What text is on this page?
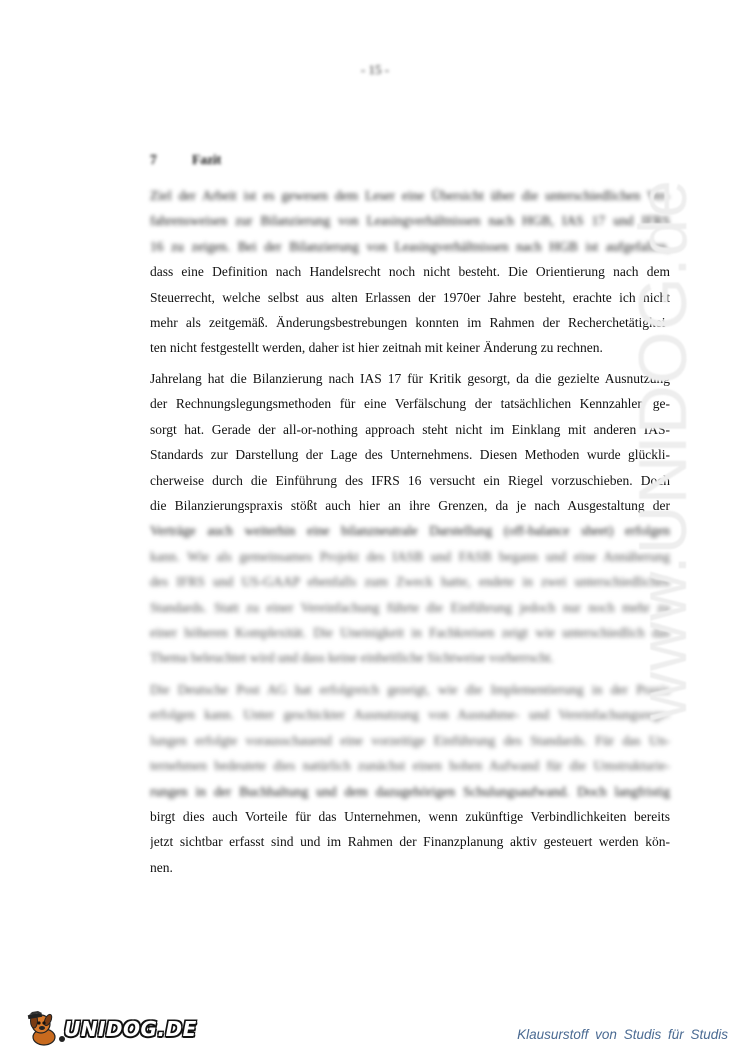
- 15 -
7	Fazit
Ziel der Arbeit ist es gewesen dem Leser eine Übersicht über die unterschiedlichen Ver-
fahrensweisen zur Bilanzierung von Leasingverhältnissen nach HGB, IAS 17 und IFRS
16 zu zeigen. Bei der Bilanzierung von Leasingverhältnissen nach HGB ist aufgefallen,
dass eine Definition nach Handelsrecht noch nicht besteht. Die Orientierung nach dem
Steuerrecht, welche selbst aus alten Erlassen der 1970er Jahre besteht, erachte ich nicht
mehr als zeitgemäß. Änderungsbestrebungen konnten im Rahmen der Recherchetätigkei-
ten nicht festgestellt werden, daher ist hier zeitnah mit keiner Änderung zu rechnen.
Jahrelang hat die Bilanzierung nach IAS 17 für Kritik gesorgt, da die gezielte Ausnutzung
der Rechnungslegungsmethoden für eine Verfälschung der tatsächlichen Kennzahlen ge-
sorgt hat. Gerade der all-or-nothing approach steht nicht im Einklang mit anderen IAS-
Standards zur Darstellung der Lage des Unternehmens. Diesen Methoden wurde glückli-
cherweise durch die Einführung des IFRS 16 versucht ein Riegel vorzuschieben. Doch
die Bilanzierungspraxis stößt auch hier an ihre Grenzen, da je nach Ausgestaltung der
Verträge auch weiterhin eine bilanzneutrale Darstellung (off-balance sheet) erfolgen
kann. Wie als gemeinsames Projekt des IASB und FASB begann und eine Annäherung
des IFRS und US-GAAP ebenfalls zum Zweck hatte, endete in zwei unterschiedlichen
Standards. Statt zu einer Vereinfachung führte die Einführung jedoch nur noch mehr zu
einer höheren Komplexität. Die Uneinigkeit in Fachkreisen zeigt wie unterschiedlich das
Thema beleuchtet wird und dass keine einheitliche Sichtweise vorherrscht.
Die Deutsche Post AG hat erfolgreich gezeigt, wie die Implementierung in der Praxis
erfolgen kann. Unter geschickter Ausnutzung von Ausnahme- und Vereinfachungsrege-
lungen erfolgte vorausschauend eine vorzeitige Einführung des Standards. Für das Un-
ternehmen bedeutete dies natürlich zunächst einen hohen Aufwand für die Umstrukturie-
rungen in der Buchhaltung und dem dazugehörigen Schulungsaufwand. Doch langfristig
birgt dies auch Vorteile für das Unternehmen, wenn zukünftige Verbindlichkeiten bereits
jetzt sichtbar erfasst sind und im Rahmen der Finanzplanung aktiv gesteuert werden kön-
nen.
www.UNIDOG.de
UNIDOG.DE	Klausurstoff von Studis für Studis
